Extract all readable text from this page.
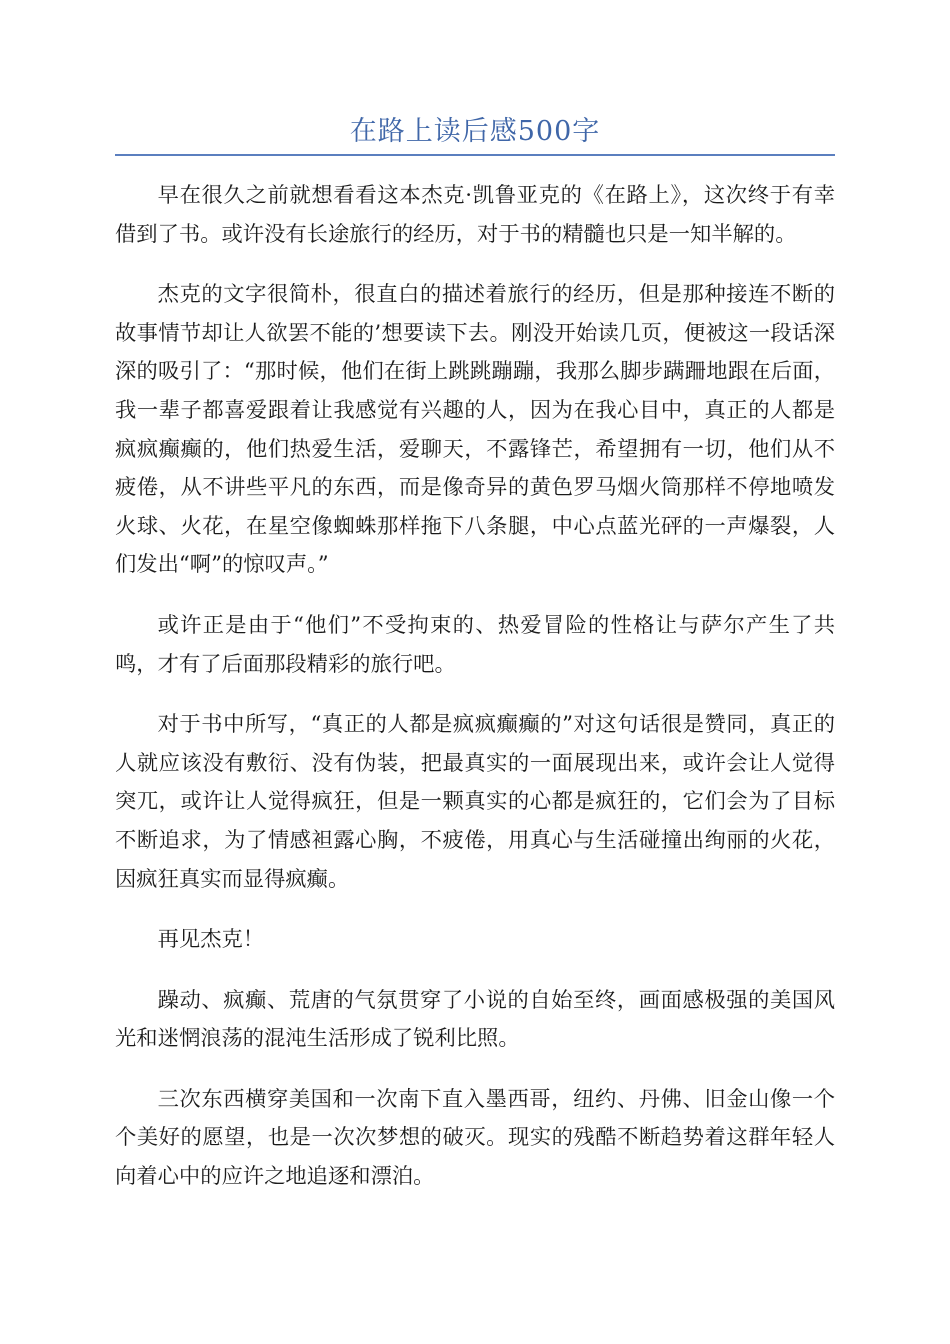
在路上读后感500字

早在很久之前就想看看这本杰克·凯鲁亚克的《在路上》，这次终于有幸借到了书。或许没有长途旅行的经历，对于书的精髓也只是一知半解的。

杰克的文字很简朴，很直白的描述着旅行的经历，但是那种接连不断的故事情节却让人欲罢不能的’想要读下去。刚没开始读几页，便被这一段话深深的吸引了：“那时候，他们在街上跳跳蹦蹦，我那么脚步蹒跚地跟在后面，我一辈子都喜爱跟着让我感觉有兴趣的人，因为在我心目中，真正的人都是疯疯癫癫的，他们热爱生活，爱聊天，不露锋芒，希望拥有一切，他们从不疲倦，从不讲些平凡的东西，而是像奇异的黄色罗马烟火筒那样不停地喷发火球、火花，在星空像蜘蛛那样拖下八条腿，中心点蓝光砰的一声爆裂，人们发出“啊”的惊叹声。”

或许正是由于“他们”不受拘束的、热爱冒险的性格让与萨尔产生了共鸣，才有了后面那段精彩的旅行吧。

对于书中所写，“真正的人都是疯疯癫癫的”对这句话很是赞同，真正的人就应该没有敷衍、没有伪装，把最真实的一面展现出来，或许会让人觉得突兀，或许让人觉得疯狂，但是一颗真实的心都是疯狂的，它们会为了目标不断追求，为了情感袒露心胸，不疲倦，用真心与生活碰撞出绚丽的火花，因疯狂真实而显得疯癫。

再见杰克！

躁动、疯癫、荒唐的气氛贯穿了小说的自始至终，画面感极强的美国风光和迷惘浪荡的混沌生活形成了锐利比照。

三次东西横穿美国和一次南下直入墨西哥，纽约、丹佛、旧金山像一个个美好的愿望，也是一次次梦想的破灭。现实的残酷不断趋势着这群年轻人向着心中的应许之地追逐和漂泊。
